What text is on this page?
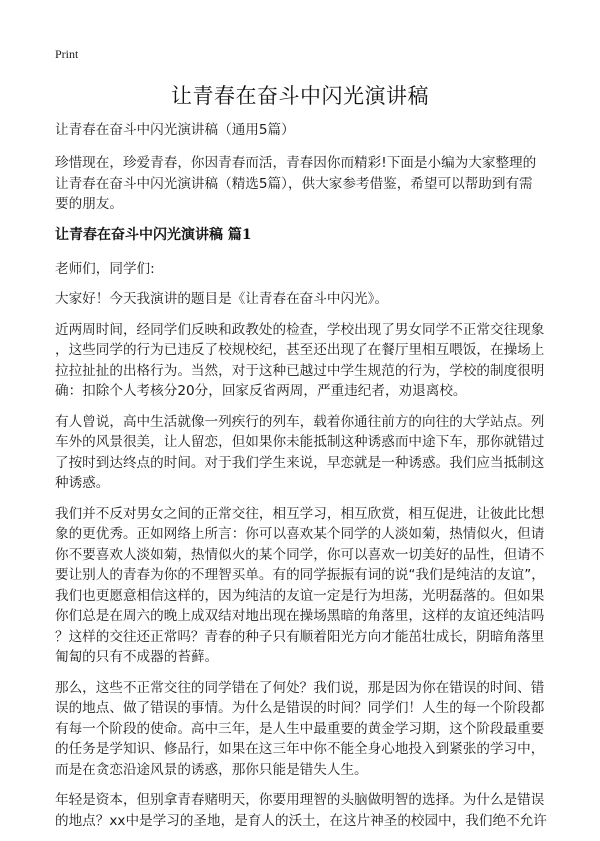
Print
让青春在奋斗中闪光演讲稿
让青春在奋斗中闪光演讲稿（通用5篇）
珍惜现在，珍爱青春，你因青春而活，青春因你而精彩!下面是小编为大家整理的
让青春在奋斗中闪光演讲稿（精选5篇），供大家参考借鉴，希望可以帮助到有需
要的朋友。
让青春在奋斗中闪光演讲稿 篇1
老师们，同学们:
大家好！今天我演讲的题目是《让青春在奋斗中闪光》。
近两周时间，经同学们反映和政教处的检查，学校出现了男女同学不正常交往现象
，这些同学的行为已违反了校规校纪，甚至还出现了在餐厅里相互喂饭，在操场上
拉拉扯扯的出格行为。当然，对于这种已越过中学生规范的行为，学校的制度很明
确：扣除个人考核分20分，回家反省两周，严重违纪者，劝退离校。
有人曾说，高中生活就像一列疾行的列车，载着你通往前方的向往的大学站点。列
车外的风景很美，让人留恋，但如果你未能抵制这种诱惑而中途下车，那你就错过
了按时到达终点的时间。对于我们学生来说，早恋就是一种诱惑。我们应当抵制这
种诱惑。
我们并不反对男女之间的正常交往，相互学习，相互欣赏，相互促进，让彼此比想
象的更优秀。正如网络上所言：你可以喜欢某个同学的人淡如菊，热情似火，但请
你不要喜欢人淡如菊，热情似火的某个同学，你可以喜欢一切美好的品性，但请不
要让别人的青春为你的不理智买单。有的同学振振有词的说“我们是纯洁的友谊”，
我们也更愿意相信这样的，因为纯洁的友谊一定是行为坦荡，光明磊落的。但如果
你们总是在周六的晚上成双结对地出现在操场黑暗的角落里，这样的友谊还纯洁吗
？这样的交往还正常吗？青春的种子只有顺着阳光方向才能茁壮成长，阴暗角落里
匍匐的只有不成器的苔藓。
那么，这些不正常交往的同学错在了何处？我们说，那是因为你在错误的时间、错
误的地点、做了错误的事情。为什么是错误的时间？同学们！人生的每一个阶段都
有每一个阶段的使命。高中三年，是人生中最重要的黄金学习期，这个阶段最重要
的任务是学知识、修品行，如果在这三年中你不能全身心地投入到紧张的学习中，
而是在贪恋沿途风景的诱惑，那你只能是错失人生。
年轻是资本，但别拿青春赌明天，你要用理智的头脑做明智的选择。为什么是错误
的地点？xx中是学习的圣地，是育人的沃土，在这片神圣的校园中，我们绝不允许
